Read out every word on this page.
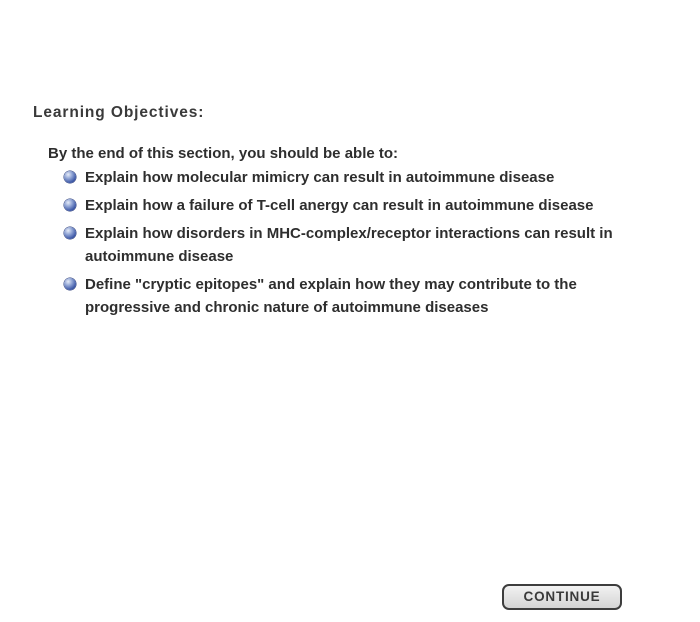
Learning Objectives:

By the end of this section, you should be able to:

Explain how molecular mimicry can result in autoimmune disease
Explain how a failure of T-cell anergy can result in autoimmune disease
Explain how disorders in MHC-complex/receptor interactions can result in autoimmune disease
Define "cryptic epitopes" and explain how they may contribute to the progressive and chronic nature of autoimmune diseases
CONTINUE
